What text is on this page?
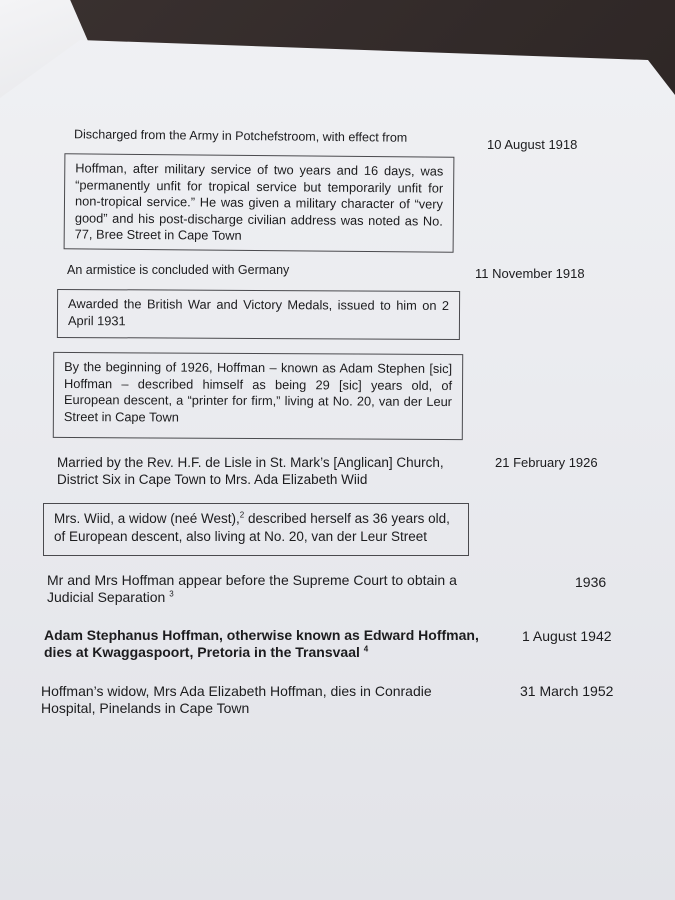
Discharged from the Army in Potchefstroom, with effect from	10 August 1918
Hoffman, after military service of two years and 16 days, was “permanently unfit for tropical service but temporarily unfit for non-tropical service.” He was given a military character of “very good” and his post-discharge civilian address was noted as No. 77, Bree Street in Cape Town
An armistice is concluded with Germany	11 November 1918
Awarded the British War and Victory Medals, issued to him on 2 April 1931
By the beginning of 1926, Hoffman – known as Adam Stephen [sic] Hoffman – described himself as being 29 [sic] years old, of European descent, a “printer for firm,” living at No. 20, van der Leur Street in Cape Town
Married by the Rev. H.F. de Lisle in St. Mark’s [Anglican] Church,
District Six in Cape Town to Mrs. Ada Elizabeth Wiid
21 February 1926
Mrs. Wiid, a widow (neé West),$^2$ described herself as 36 years old,
of European descent, also living at No. 20, van der Leur Street
Mr and Mrs Hoffman appear before the Supreme Court to obtain a
Judicial Separation $^3$
1936
Adam Stephanus Hoffman, otherwise known as Edward Hoffman,
dies at Kwaggaspoort, Pretoria in the Transvaal $^4$
1 August 1942
Hoffman’s widow, Mrs Ada Elizabeth Hoffman, dies in Conradie
Hospital, Pinelands in Cape Town
31 March 1952
